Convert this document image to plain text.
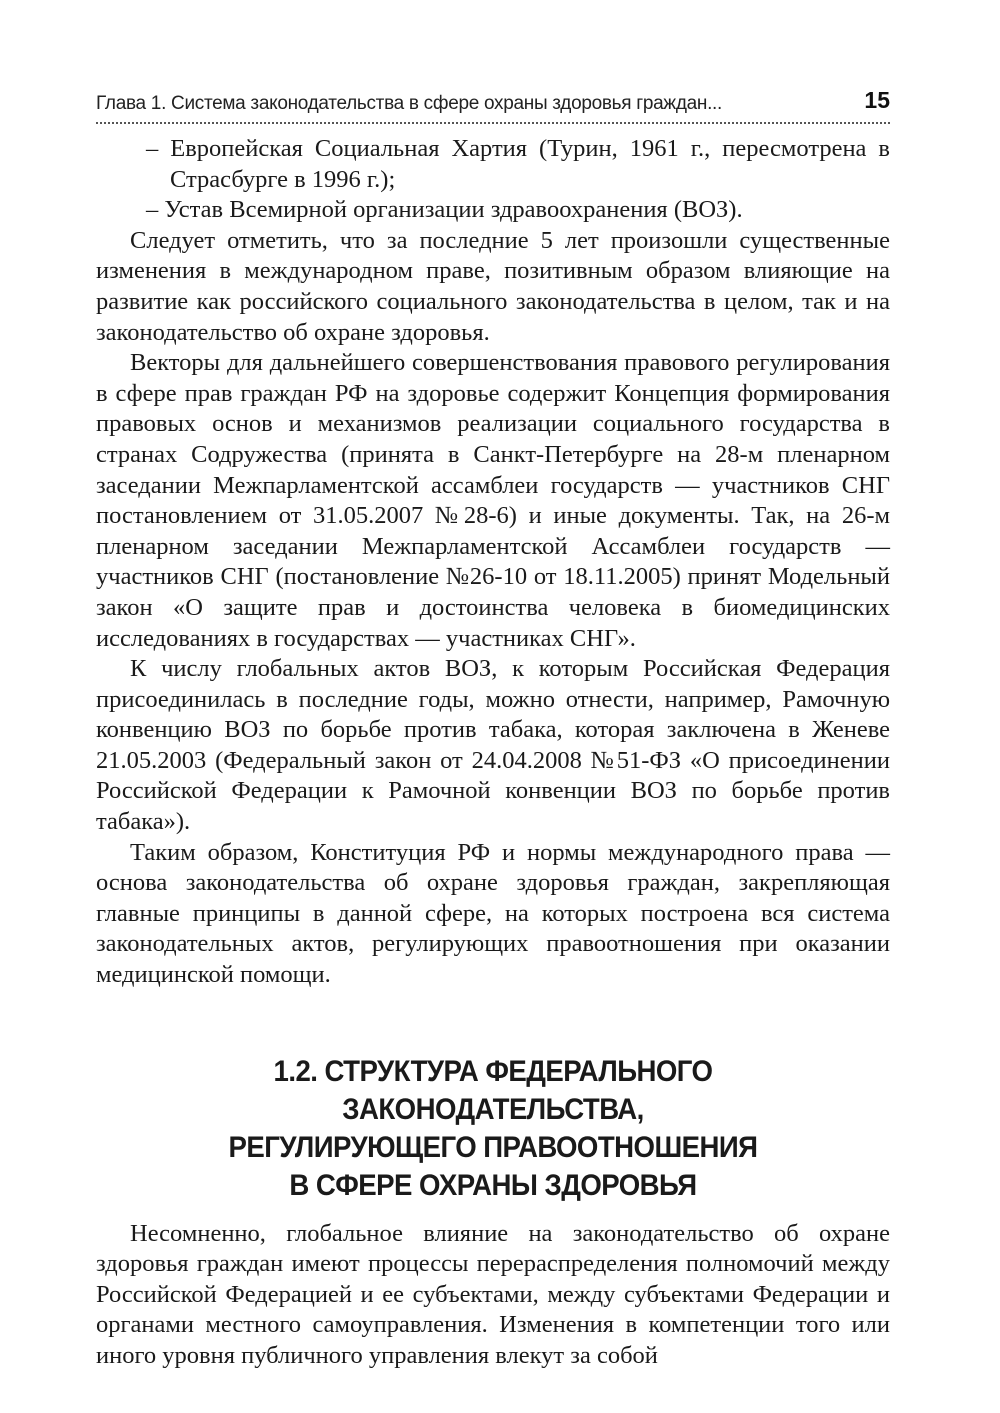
Глава 1. Система законодательства в сфере охраны здоровья граждан...	15
– Европейская Социальная Хартия (Турин, 1961 г., пересмотрена в Страсбурге в 1996 г.);
– Устав Всемирной организации здравоохранения (ВОЗ).

Следует отметить, что за последние 5 лет произошли существенные изменения в международном праве, позитивным образом влияющие на развитие как российского социального законодательства в целом, так и на законодательство об охране здоровья.

Векторы для дальнейшего совершенствования правового регулирования в сфере прав граждан РФ на здоровье содержит Концепция формирования правовых основ и механизмов реализации социального государства в странах Содружества (принята в Санкт-Петербурге на 28-м пленарном заседании Межпарламентской ассамблеи государств — участников СНГ постановлением от 31.05.2007 №28-6) и иные документы. Так, на 26-м пленарном заседании Межпарламентской Ассамблеи государств — участников СНГ (постановление №26-10 от 18.11.2005) принят Модельный закон «О защите прав и достоинства человека в биомедицинских исследованиях в государствах — участниках СНГ».

К числу глобальных актов ВОЗ, к которым Российская Федерация присоединилась в последние годы, можно отнести, например, Рамочную конвенцию ВОЗ по борьбе против табака, которая заключена в Женеве 21.05.2003 (Федеральный закон от 24.04.2008 №51-ФЗ «О присоединении Российской Федерации к Рамочной конвенции ВОЗ по борьбе против табака»).

Таким образом, Конституция РФ и нормы международного права — основа законодательства об охране здоровья граждан, закрепляющая главные принципы в данной сфере, на которых построена вся система законодательных актов, регулирующих правоотношения при оказании медицинской помощи.

1.2. СТРУКТУРА ФЕДЕРАЛЬНОГО ЗАКОНОДАТЕЛЬСТВА,
РЕГУЛИРУЮЩЕГО ПРАВООТНОШЕНИЯ
В СФЕРЕ ОХРАНЫ ЗДОРОВЬЯ

Несомненно, глобальное влияние на законодательство об охране здоровья граждан имеют процессы перераспределения полномочий между Российской Федерацией и ее субъектами, между субъектами Федерации и органами местного самоуправления. Изменения в компетенции того или иного уровня публичного управления влекут за собой
